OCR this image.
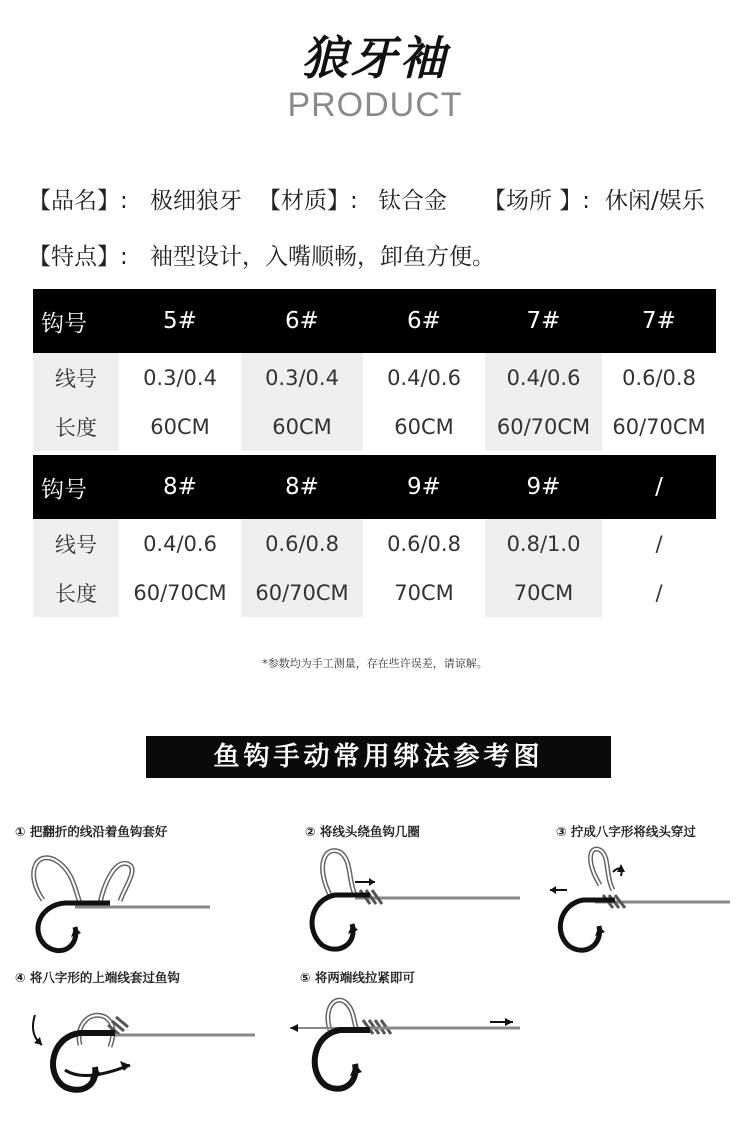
狼牙袖
PRODUCT
【品名】: 极细狼牙 【材质】: 钛合金 【场所 】: 休闲/娱乐
【特点】: 袖型设计，入嘴顺畅，卸鱼方便。
钩号	5#	6#	6#	7#	7#
线号	0.3/0.4	0.3/0.4	0.4/0.6	0.4/0.6	0.6/0.8
长度	60CM	60CM	60CM	60/70CM	60/70CM
钩号	8#	8#	9#	9#	/
线号	0.4/0.6	0.6/0.8	0.6/0.8	0.8/1.0	/
长度	60/70CM	60/70CM	70CM	70CM	/
*参数均为手工测量，存在些许误差，请谅解。
鱼钩手动常用绑法参考图
① 把翻折的线沿着鱼钩套好	② 将线头绕鱼钩几圈	③ 拧成八字形将线头穿过
④ 将八字形的上端线套过鱼钩	⑤ 将两端线拉紧即可
